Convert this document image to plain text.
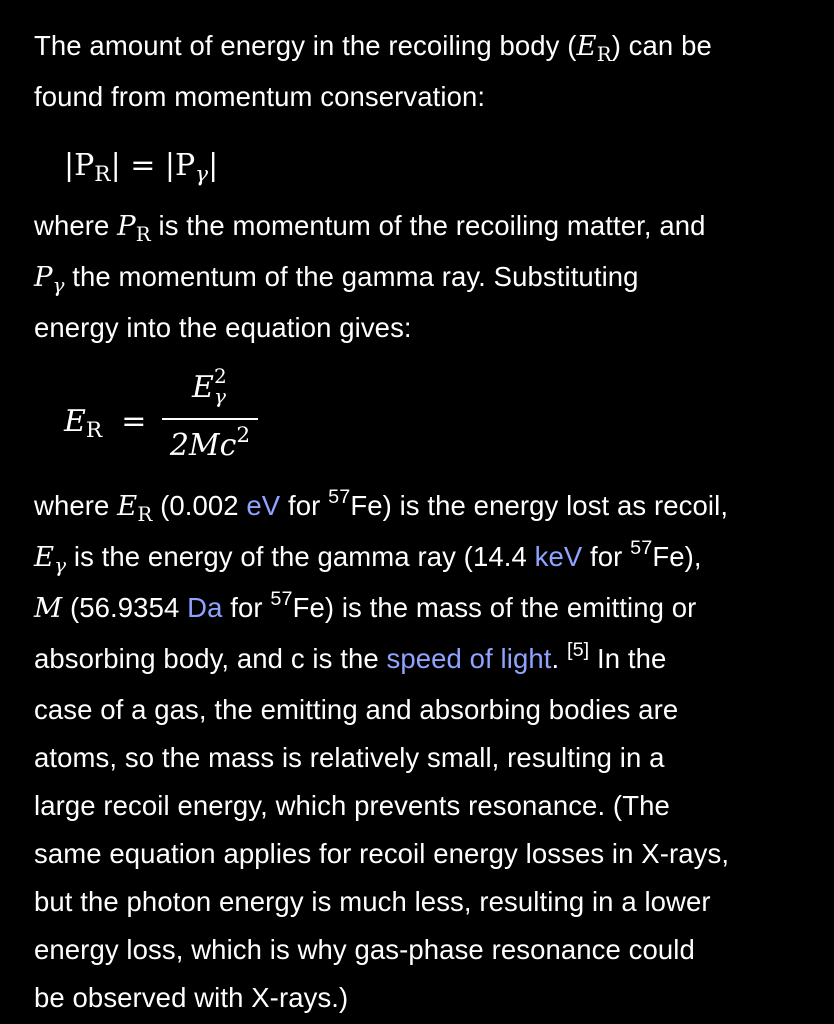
The amount of energy in the recoiling body $(E_R)$ can be
found from momentum conservation:
$|P_R| = |P_\gamma|$
where $P_R$ is the momentum of the recoiling matter, and
$P_\gamma$ the momentum of the gamma ray. Substituting
energy into the equation gives:
$E_R$ =
E 2
γ
2Mc$^2$
where $E_R$ (0.002 eV for $^{57}$Fe) is the energy lost as recoil,
$E_\gamma$ is the energy of the gamma ray (14.4 keV for $^{57}$Fe),
M (56.9354 Da for $^{57}$Fe) is the mass of the emitting or
absorbing body, and c is the speed of light. [5] In the
case of a gas, the emitting and absorbing bodies are
atoms, so the mass is relatively small, resulting in a
large recoil energy, which prevents resonance. (The
same equation applies for recoil energy losses in X-rays,
but the photon energy is much less, resulting in a lower
energy loss, which is why gas-phase resonance could
be observed with X-rays.)
